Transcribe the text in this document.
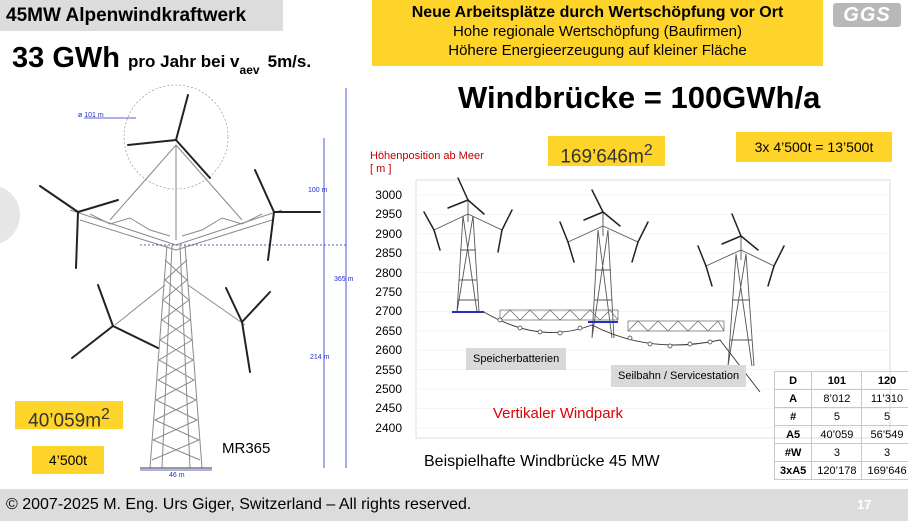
45MW Alpenwindkraftwerk	Neue Arbeitsplätze durch Wertschöpfung vor Ort
Hohe regionale Wertschöpfung (Baufirmen)
Höhere Energieerzeugung auf kleiner Fläche
GGS
33 GWh pro Jahr bei $v_{aev}$ 5m/s.
Windbrücke = 100GWh/a
ø 101 m
100 m
365 m
214 m
46 m
$40’059m^2$
4’500t
MR365
$169’646m^2$	3x 4’500t = 13’500t
Höhenposition ab Meer
[ m ]
3000
2950
2900
2850
2800
2750
2700
2650
2600
2550
2500
2450
2400
Speicherbatterien
Seilbahn / Servicestation
Vertikaler Windpark
Beispielhafte Windbrücke 45 MW
D	101	120
A	8’012	11’310
#	5	5
A5	40’059	56’549
#W	3	3
3xA5	120’178	169’646
© 2007-2025 M. Eng. Urs Giger, Switzerland – All rights reserved.	17
